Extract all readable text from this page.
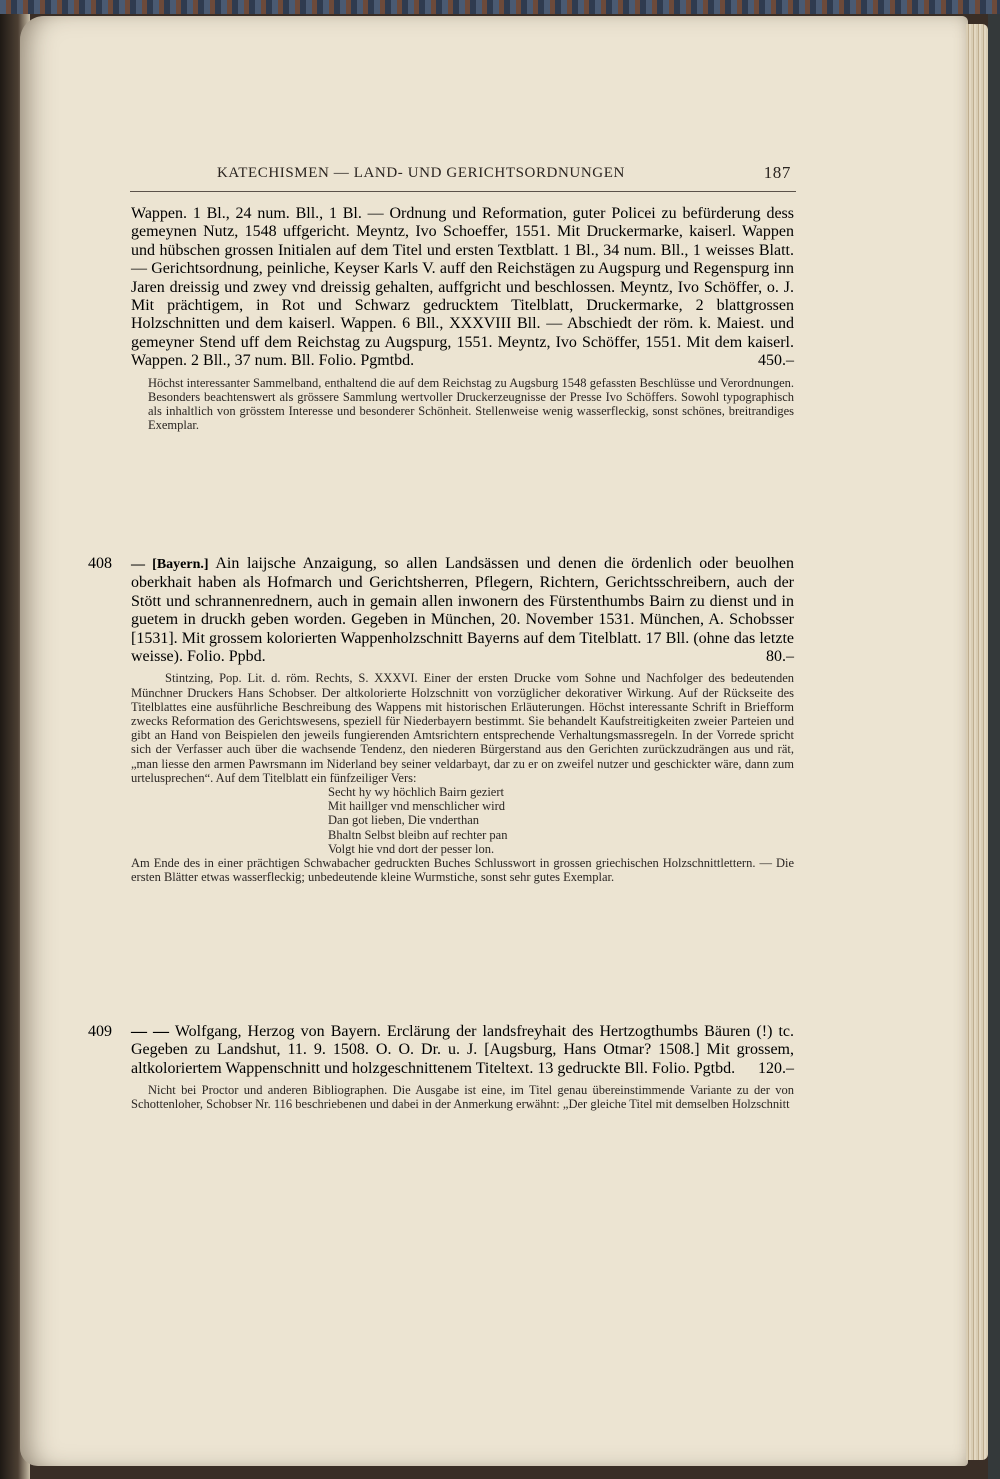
KATECHISMEN — LAND- UND GERICHTSORDNUNGEN	187

Wappen. 1 Bl., 24 num. Bll., 1 Bl. — Ordnung und Reformation, guter Policei zu befürderung dess gemeynen Nutz, 1548 uffgericht. Meyntz, Ivo Schoeffer, 1551. Mit Druckermarke, kaiserl. Wappen und hübschen grossen Initialen auf dem Titel und ersten Textblatt. 1 Bl., 34 num. Bll., 1 weisses Blatt. — Gerichtsordnung, peinliche, Keyser Karls V. auff den Reichstägen zu Augspurg und Regenspurg inn Jaren dreissig und zwey vnd dreissig gehalten, auffgricht und beschlossen. Meyntz, Ivo Schöffer, o. J. Mit prächtigem, in Rot und Schwarz gedrucktem Titelblatt, Druckermarke, 2 blattgrossen Holzschnitten und dem kaiserl. Wappen. 6 Bll., XXXVIII Bll. — Abschiedt der röm. k. Maiest. und gemeyner Stend uff dem Reichstag zu Augspurg, 1551. Meyntz, Ivo Schöffer, 1551. Mit dem kaiserl. Wappen. 2 Bll., 37 num. Bll. Folio. Pgmtbd.	450.–

Höchst interessanter Sammelband, enthaltend die auf dem Reichstag zu Augsburg 1548 gefassten Beschlüsse und Verordnungen. Besonders beachtenswert als grössere Sammlung wertvoller Druckerzeugnisse der Presse Ivo Schöffers. Sowohl typographisch als inhaltlich von grösstem Interesse und besonderer Schönheit. Stellenweise wenig wasserfleckig, sonst schönes, breitrandiges Exemplar.

408 — [Bayern.] Ain laijsche Anzaigung, so allen Landsässen und denen die ördenlich oder beuolhen oberkhait haben als Hofmarch und Gerichtsherren, Pflegern, Richtern, Gerichtsschreibern, auch der Stött und schrannenrednern, auch in gemain allen inwonern des Fürstenthumbs Bairn zu dienst und in guetem in druckh geben worden. Gegeben in München, 20. November 1531. München, A. Schobsser [1531]. Mit grossem kolorierten Wappenholzschnitt Bayerns auf dem Titelblatt. 17 Bll. (ohne das letzte weisse). Folio. Ppbd.	80.–

Stintzing, Pop. Lit. d. röm. Rechts, S. XXXVI. Einer der ersten Drucke vom Sohne und Nachfolger des bedeutenden Münchner Druckers Hans Schobser. Der altkolorierte Holzschnitt von vorzüglicher dekorativer Wirkung. Auf der Rückseite des Titelblattes eine ausführliche Beschreibung des Wappens mit historischen Erläuterungen. Höchst interessante Schrift in Briefform zwecks Reformation des Gerichtswesens, speziell für Niederbayern bestimmt. Sie behandelt Kaufstreitigkeiten zweier Parteien und gibt an Hand von Beispielen den jeweils fungierenden Amtsrichtern entsprechende Verhaltungsmassregeln. In der Vorrede spricht sich der Verfasser auch über die wachsende Tendenz, den niederen Bürgerstand aus den Gerichten zurückzudrängen aus und rät, „man liesse den armen Pawrsmann im Niderland bey seiner veldarbayt, dar zu er on zweifel nutzer und geschickter wäre, dann zum urtelusprechen“. Auf dem Titelblatt ein fünfzeiliger Vers:

Secht hy wy höchlich Bairn geziert
Mit haillger vnd menschlicher wird
Dan got lieben, Die vnderthan
Bhaltn Selbst bleibn auf rechter pan
Volgt hie vnd dort der pesser lon.

Am Ende des in einer prächtigen Schwabacher gedruckten Buches Schlusswort in grossen griechischen Holzschnittlettern. — Die ersten Blätter etwas wasserfleckig; unbedeutende kleine Wurmstiche, sonst sehr gutes Exemplar.

409 — — Wolfgang, Herzog von Bayern. Erclärung der landsfreyhait des Hertzogthumbs Bäuren (!) tc. Gegeben zu Landshut, 11. 9. 1508. O. O. Dr. u. J. [Augsburg, Hans Otmar? 1508.] Mit grossem, altkoloriertem Wappenschnitt und holzgeschnittenem Titeltext. 13 gedruckte Bll. Folio. Pgtbd. 120.–

Nicht bei Proctor und anderen Bibliographen. Die Ausgabe ist eine, im Titel genau übereinstimmende Variante zu der von Schottenloher, Schobser Nr. 116 beschriebenen und dabei in der Anmerkung erwähnt: „Der gleiche Titel mit demselben Holzschnitt
